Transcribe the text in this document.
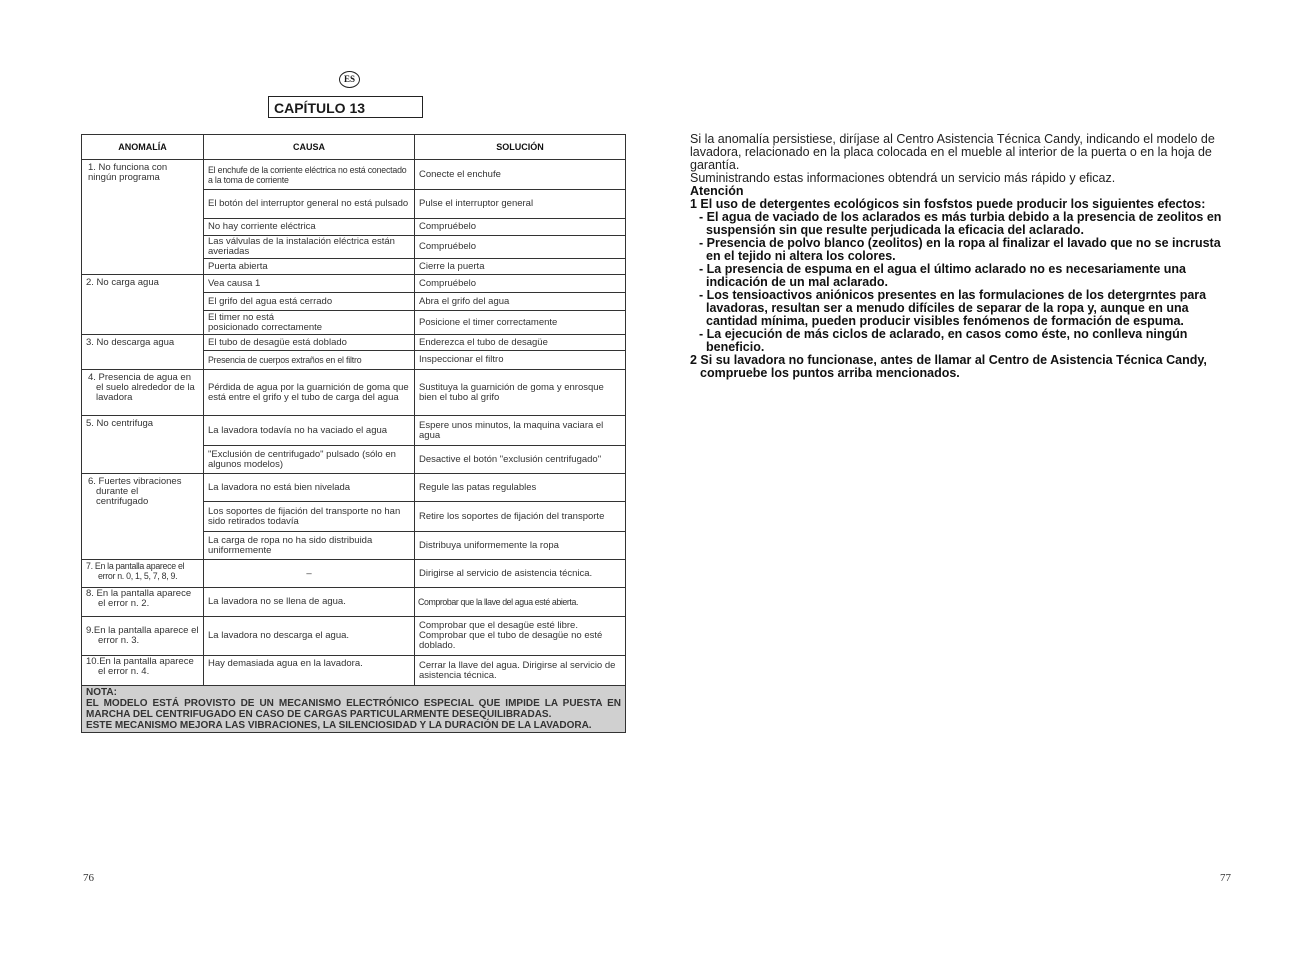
ES
CAPÍTULO 13
ANOMALÍA	CAUSA	SOLUCIÓN
1. No funciona con ningún programa	El enchufe de la corriente eléctrica no está conectado a la toma de corriente	Conecte el enchufe
	El botón del interruptor general no está pulsado	Pulse el interruptor general
	No hay corriente eléctrica	Compruébelo
	Las válvulas de la instalación eléctrica están averiadas	Compruébelo
	Puerta abierta	Cierre la puerta
2. No carga agua	Vea causa 1	Compruébelo
	El grifo del agua está cerrado	Abra el grifo del agua
	El timer no está posicionado correctamente	Posicione el timer correctamente
3. No descarga agua	El tubo de desagüe está doblado	Enderezca el tubo de desagüe
	Presencia de cuerpos extraños en el filtro	Inspeccionar el filtro
4. Presencia de agua en el suelo alrededor de la lavadora	Pérdida de agua por la guarnición de goma que está entre el grifo y el tubo de carga del agua	Sustituya la guarnición de goma y enrosque bien el tubo al grifo
5. No centrifuga	La lavadora todavía no ha vaciado el agua	Espere unos minutos, la maquina vaciara el agua
	"Exclusión de centrifugado" pulsado (sólo en algunos modelos)	Desactive el botón "exclusión centrifugado"
6. Fuertes vibraciones durante el centrifugado	La lavadora no está bien nivelada	Regule las patas regulables
	Los soportes de fijación del transporte no han sido retirados todavía	Retire los soportes de fijación del transporte
	La carga de ropa no ha sido distribuida uniformemente	Distribuya uniformemente la ropa
7. En la pantalla aparece el error n. 0, 1, 5, 7, 8, 9.	–	Dirigirse al servicio de asistencia técnica.
8. En la pantalla aparece el error n. 2.	La lavadora no se llena de agua.	Comprobar que la llave del agua esté abierta.
9.En la pantalla aparece el error n. 3.	La lavadora no descarga el agua.	Comprobar que el desagüe esté libre. Comprobar que el tubo de desagüe no esté doblado.
10.En la pantalla aparece el error n. 4.	Hay demasiada agua en la lavadora.	Cerrar la llave del agua. Dirigirse al servicio de asistencia técnica.

NOTA:
EL MODELO ESTÁ PROVISTO DE UN MECANISMO ELECTRÓNICO ESPECIAL QUE IMPIDE LA PUESTA EN MARCHA DEL CENTRIFUGADO EN CASO DE CARGAS PARTICULARMENTE DESEQUILIBRADAS.
ESTE MECANISMO MEJORA LAS VIBRACIONES, LA SILENCIOSIDAD Y LA DURACIÓN DE LA LAVADORA.		

Si la anomalía persistiese, diríjase al Centro Asistencia Técnica Candy, indicando el modelo de lavadora, relacionado en la placa colocada en el mueble al interior de la puerta o en la hoja de garantía.

Suministrando estas informaciones obtendrá un servicio más rápido y eficaz.

Atención

1 El uso de detergentes ecológicos sin fosfstos puede producir los siguientes efectos:

- El agua de vaciado de los aclarados es más turbia debido a la presencia de zeolitos en suspensión sin que resulte perjudicada la eficacia del aclarado.

- Presencia de polvo blanco (zeolitos) en la ropa al finalizar el lavado que no se incrusta en el tejido ni altera los colores.

- La presencia de espuma en el agua el último aclarado no es necesariamente una indicación de un mal aclarado.

- Los tensioactivos aniónicos presentes en las formulaciones de los detergrntes para lavadoras, resultan ser a menudo difíciles de separar de la ropa y, aunque en una cantidad mínima, pueden producir visibles fenómenos de formación de espuma.

- La ejecución de más ciclos de aclarado, en casos como éste, no conlleva ningún beneficio.

2 Si su lavadora no funcionase, antes de llamar al Centro de Asistencia Técnica Candy, compruebe los puntos arriba mencionados.

76	77
